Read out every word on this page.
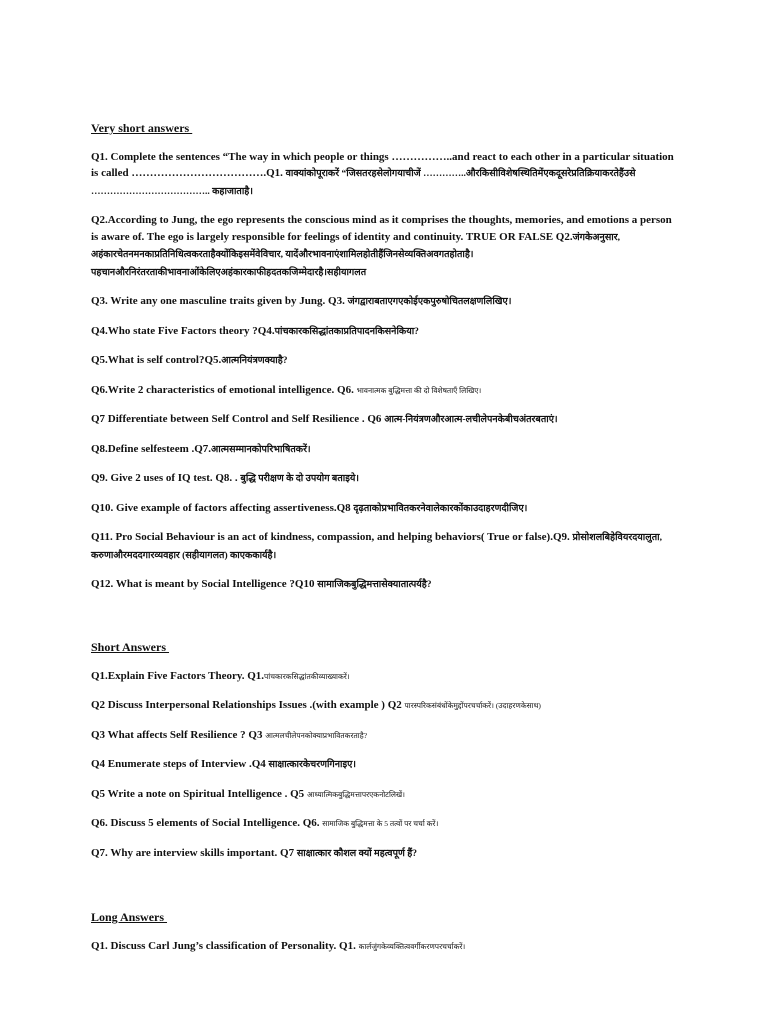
Very short answers
Q1. Complete the sentences “The way in which people or things ……………..and react to each other in a particular situation is called ……………………………….Q1. वाक्यांकोपूराकरें “जिसतरहसेलोगयाचीजें …………..औरकिसीविशेषस्थितिमेंएकदूसरेप्रतिक्रियाकरतेहैंउसे ……………………………….. कहाजाताहै।
Q2.According to Jung, the ego represents the conscious mind as it comprises the thoughts, memories, and emotions a person is aware of. The ego is largely responsible for feelings of identity and continuity. TRUE OR FALSE Q2.जंगकेअनुसार, अहंकारचेतनमनकाप्रतिनिधित्वकरताहैक्योंकिइसमेंवेविचार, यादेंऔरभावनाएंशामिलहोतीहैंजिनसेव्यक्तिअवगतहोताहै।पहचानऔरनिरंतरताकीभावनाओंकेलिएअहंकारकाफीहदतकजिम्मेदारहै।सहीयागलत
Q3. Write any one masculine traits given by Jung. Q3. जंगद्वाराबताएगएकोईएकपुरुषोचितलक्षणलिखिए।
Q4.Who state Five Factors theory ?Q4.पांचकारकसिद्धांतकाप्रतिपादनकिसनेकिया?
Q5.What is self control?Q5.आत्मनियंत्रणक्याहै?
Q6.Write 2 characteristics of emotional intelligence. Q6. भावनात्मक बुद्धिमत्ता की दो विशेषताएँ लिखिए।
Q7 Differentiate between Self Control and Self Resilience . Q6 आत्म-नियंत्रणऔरआत्म-लचीलेपनकेबीचअंतरबताएं।
Q8.Define selfesteem .Q7.आत्मसम्मानकोपरिभाषितकरें।
Q9. Give 2 uses of IQ test. Q8. . बुद्धि परीक्षण के दो उपयोग बताइये।
Q10. Give example of factors affecting assertiveness.Q8 दृढ़ताकोप्रभावितकरनेवालेकारकोंकाउदाहरणदीजिए।
Q11. Pro Social Behaviour is an act of kindness, compassion, and helping behaviors( True or false).Q9. प्रोसोशलबिहेवियरदयालुता, करुणाऔरमददगारव्यवहार (सहीयागलत) काएककार्यहै।
Q12. What is meant by Social Intelligence ?Q10 सामाजिकबुद्धिमत्तासेक्यातात्पर्यहै?
Short Answers
Q1.Explain Five Factors Theory. Q1.पांचकारकसिद्धांतकीव्याख्याकरें।
Q2 Discuss Interpersonal Relationships Issues .(with example ) Q2 पारस्परिकसंबंधोंकेमुद्दोंपरचर्चाकरें। (उदाहरणकेसाथ)
Q3 What affects Self Resilience ? Q3 आत्मलचीलेपनकोक्याप्रभावितकरताहै?
Q4 Enumerate steps of Interview .Q4 साक्षात्कारकेचरणगिनाइए।
Q5 Write a note on Spiritual Intelligence . Q5 आध्यात्मिकबुद्धिमत्तापरएकनोटलिखें।
Q6. Discuss 5 elements of Social Intelligence. Q6. सामाजिक बुद्धिमत्ता के 5 तत्वों पर चर्चा करें।
Q7. Why are interview skills important. Q7 साक्षात्कार कौशल क्यों महत्वपूर्ण हैं?
Long Answers
Q1. Discuss Carl Jung’s classification of Personality. Q1. कार्लजुंगकेव्यक्तित्ववर्गीकरणपरचर्चाकरें।
